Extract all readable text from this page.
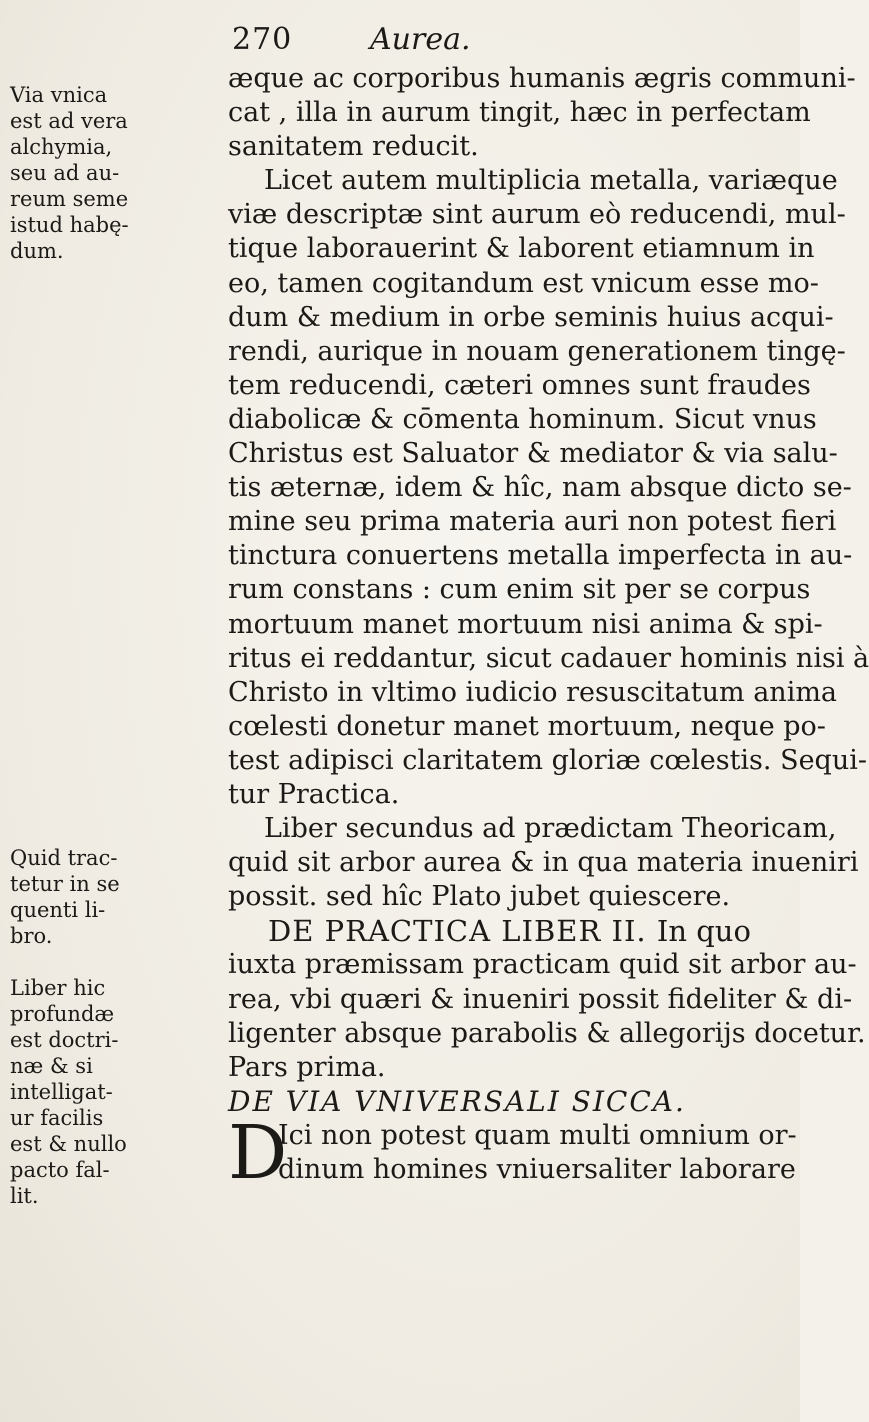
270	Aurea.
Via vnica
est ad vera
alchymia,
seu ad au-
reum seme
istud habę-
dum.
Quid trac-
tetur in se
quenti li-
bro.
Liber hic
profundæ
est doctri-
næ & si
intelligat-
ur facilis
est & nullo
pacto fal-
lit.
æque ac corporibus humanis ægris communi-
cat , illa in aurum tingit, hæc in perfectam
sanitatem reducit.
Licet autem multiplicia metalla, variæque
viæ descriptæ sint aurum eò reducendi, mul-
tique laborauerint & laborent etiamnum in
eo, tamen cogitandum est vnicum esse mo-
dum & medium in orbe seminis huius acqui-
rendi, aurique in nouam generationem tingę-
tem reducendi, cæteri omnes sunt fraudes
diabolicæ & cōmenta hominum. Sicut vnus
Christus est Saluator & mediator & via salu-
tis æternæ, idem & hîc, nam absque dicto se-
mine seu prima materia auri non potest fieri
tinctura conuertens metalla imperfecta in au-
rum constans : cum enim sit per se corpus
mortuum manet mortuum nisi anima & spi-
ritus ei reddantur, sicut cadauer hominis nisi à
Christo in vltimo iudicio resuscitatum anima
cœlesti donetur manet mortuum, neque po-
test adipisci claritatem gloriæ cœlestis. Sequi-
tur Practica.
Liber secundus ad prædictam Theoricam,
quid sit arbor aurea & in qua materia inueniri
possit. sed hîc Plato jubet quiescere.
DE PRACTICA LIBER II. In quo
iuxta præmissam practicam quid sit arbor au-
rea, vbi quæri & inueniri possit fideliter & di-
ligenter absque parabolis & allegorijs docetur.
Pars prima.
DE VIA VNIVERSALI SICCA.
D
Ici non potest quam multi omnium or-
dinum homines vniuersaliter laborare
